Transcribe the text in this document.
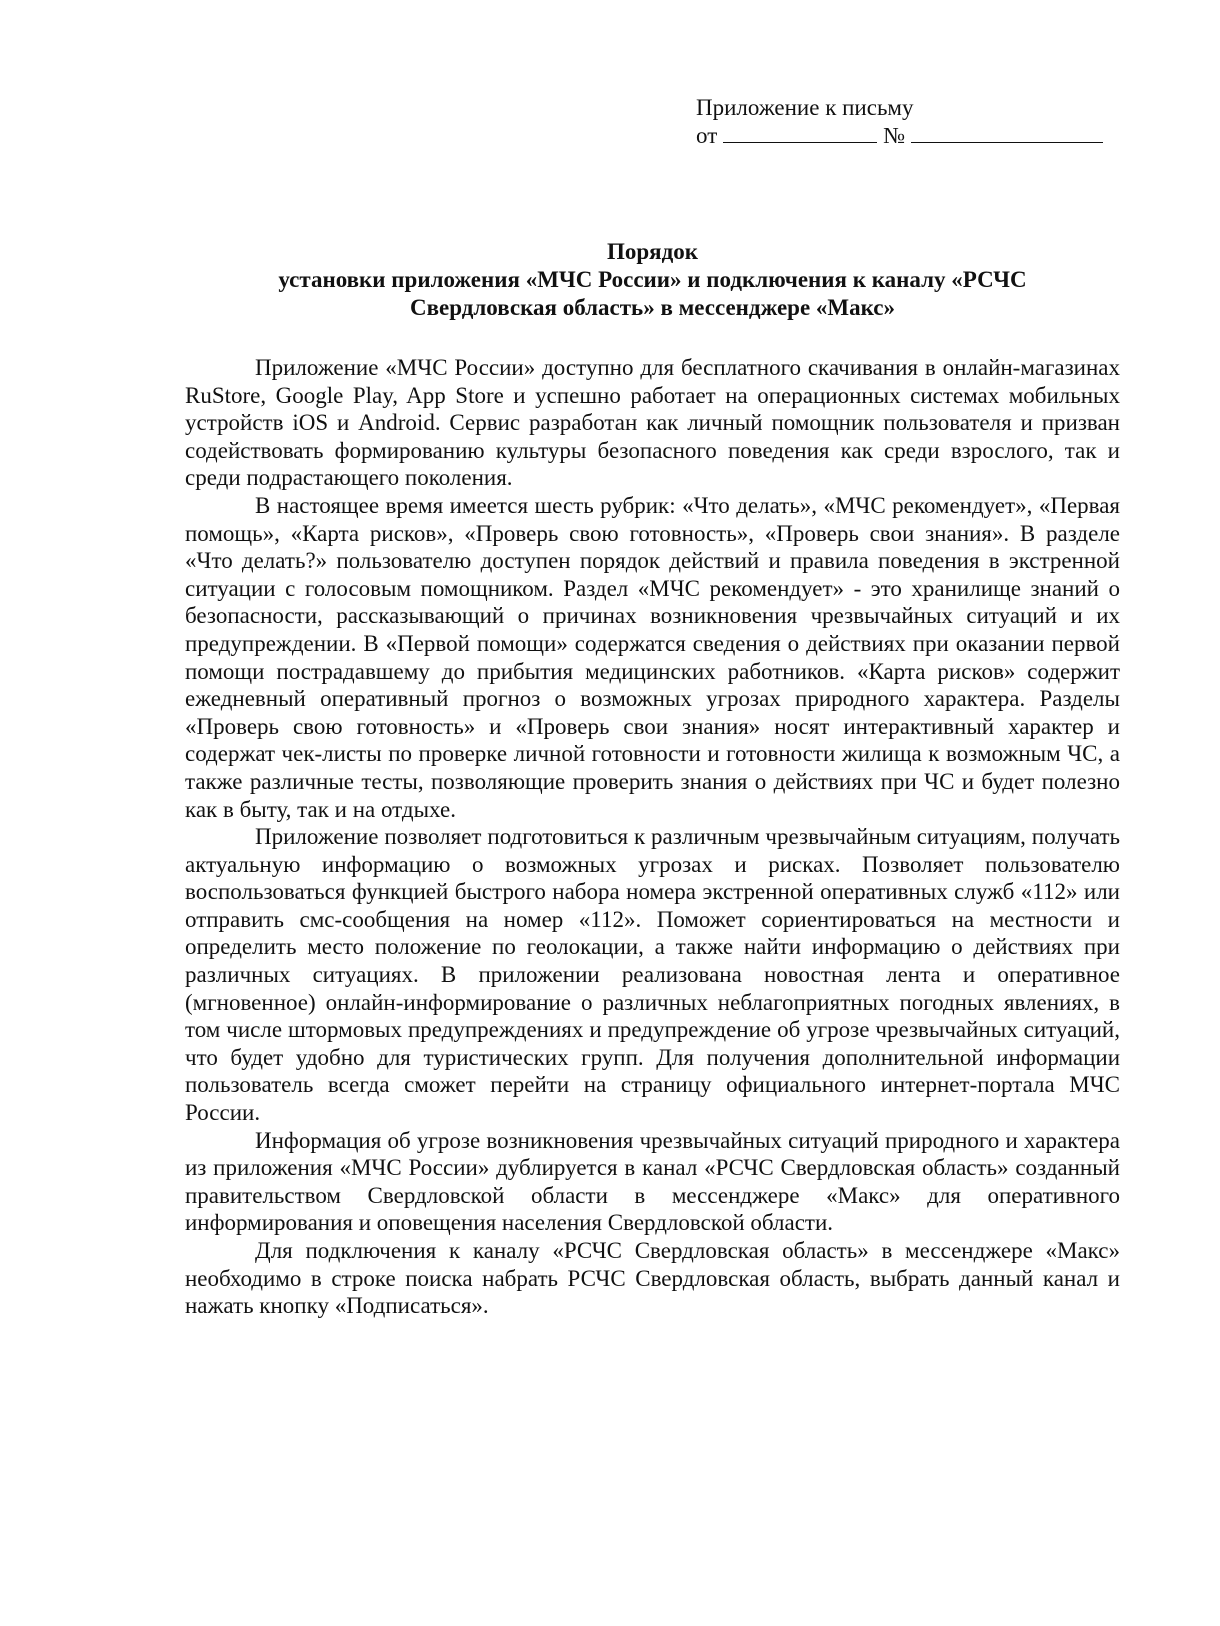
Приложение к письму
от	№
Порядок
установки приложения «МЧС России» и подключения к каналу «РСЧС
Свердловская область» в мессенджере «Макс»

Приложение «МЧС России» доступно для бесплатного скачивания в онлайн-магазинах RuStore, Google Play, App Store и успешно работает на операционных системах мобильных устройств iOS и Android. Сервис разработан как личный помощник пользователя и призван содействовать формированию культуры безопасного поведения как среди взрослого, так и среди подрастающего поколения.

В настоящее время имеется шесть рубрик: «Что делать», «МЧС рекомендует», «Первая помощь», «Карта рисков», «Проверь свою готовность», «Проверь свои знания». В разделе «Что делать?» пользователю доступен порядок действий и правила поведения в экстренной ситуации с голосовым помощником. Раздел «МЧС рекомендует» - это хранилище знаний о безопасности, рассказывающий о причинах возникновения чрезвычайных ситуаций и их предупреждении. В «Первой помощи» содержатся сведения о действиях при оказании первой помощи пострадавшему до прибытия медицинских работников. «Карта рисков» содержит ежедневный оперативный прогноз о возможных угрозах природного характера. Разделы «Проверь свою готовность» и «Проверь свои знания» носят интерактивный характер и содержат чек-листы по проверке личной готовности и готовности жилища к возможным ЧС, а также различные тесты, позволяющие проверить знания о действиях при ЧС и будет полезно как в быту, так и на отдыхе.

Приложение позволяет подготовиться к различным чрезвычайным ситуациям, получать актуальную информацию о возможных угрозах и рисках. Позволяет пользователю воспользоваться функцией быстрого набора номера экстренной оперативных служб «112» или отправить смс-сообщения на номер «112». Поможет сориентироваться на местности и определить место положение по геолокации, а также найти информацию о действиях при различных ситуациях. В приложении реализована новостная лента и оперативное (мгновенное) онлайн-информирование о различных неблагоприятных погодных явлениях, в том числе штормовых предупреждениях и предупреждение об угрозе чрезвычайных ситуаций, что будет удобно для туристических групп. Для получения дополнительной информации пользователь всегда сможет перейти на страницу официального интернет-портала МЧС России.

Информация об угрозе возникновения чрезвычайных ситуаций природного и характера из приложения «МЧС России» дублируется в канал «РСЧС Свердловская область» созданный правительством Свердловской области в мессенджере «Макс» для оперативного информирования и оповещения населения Свердловской области.

Для подключения к каналу «РСЧС Свердловская область» в мессенджере «Макс» необходимо в строке поиска набрать РСЧС Свердловская область, выбрать данный канал и нажать кнопку «Подписаться».
